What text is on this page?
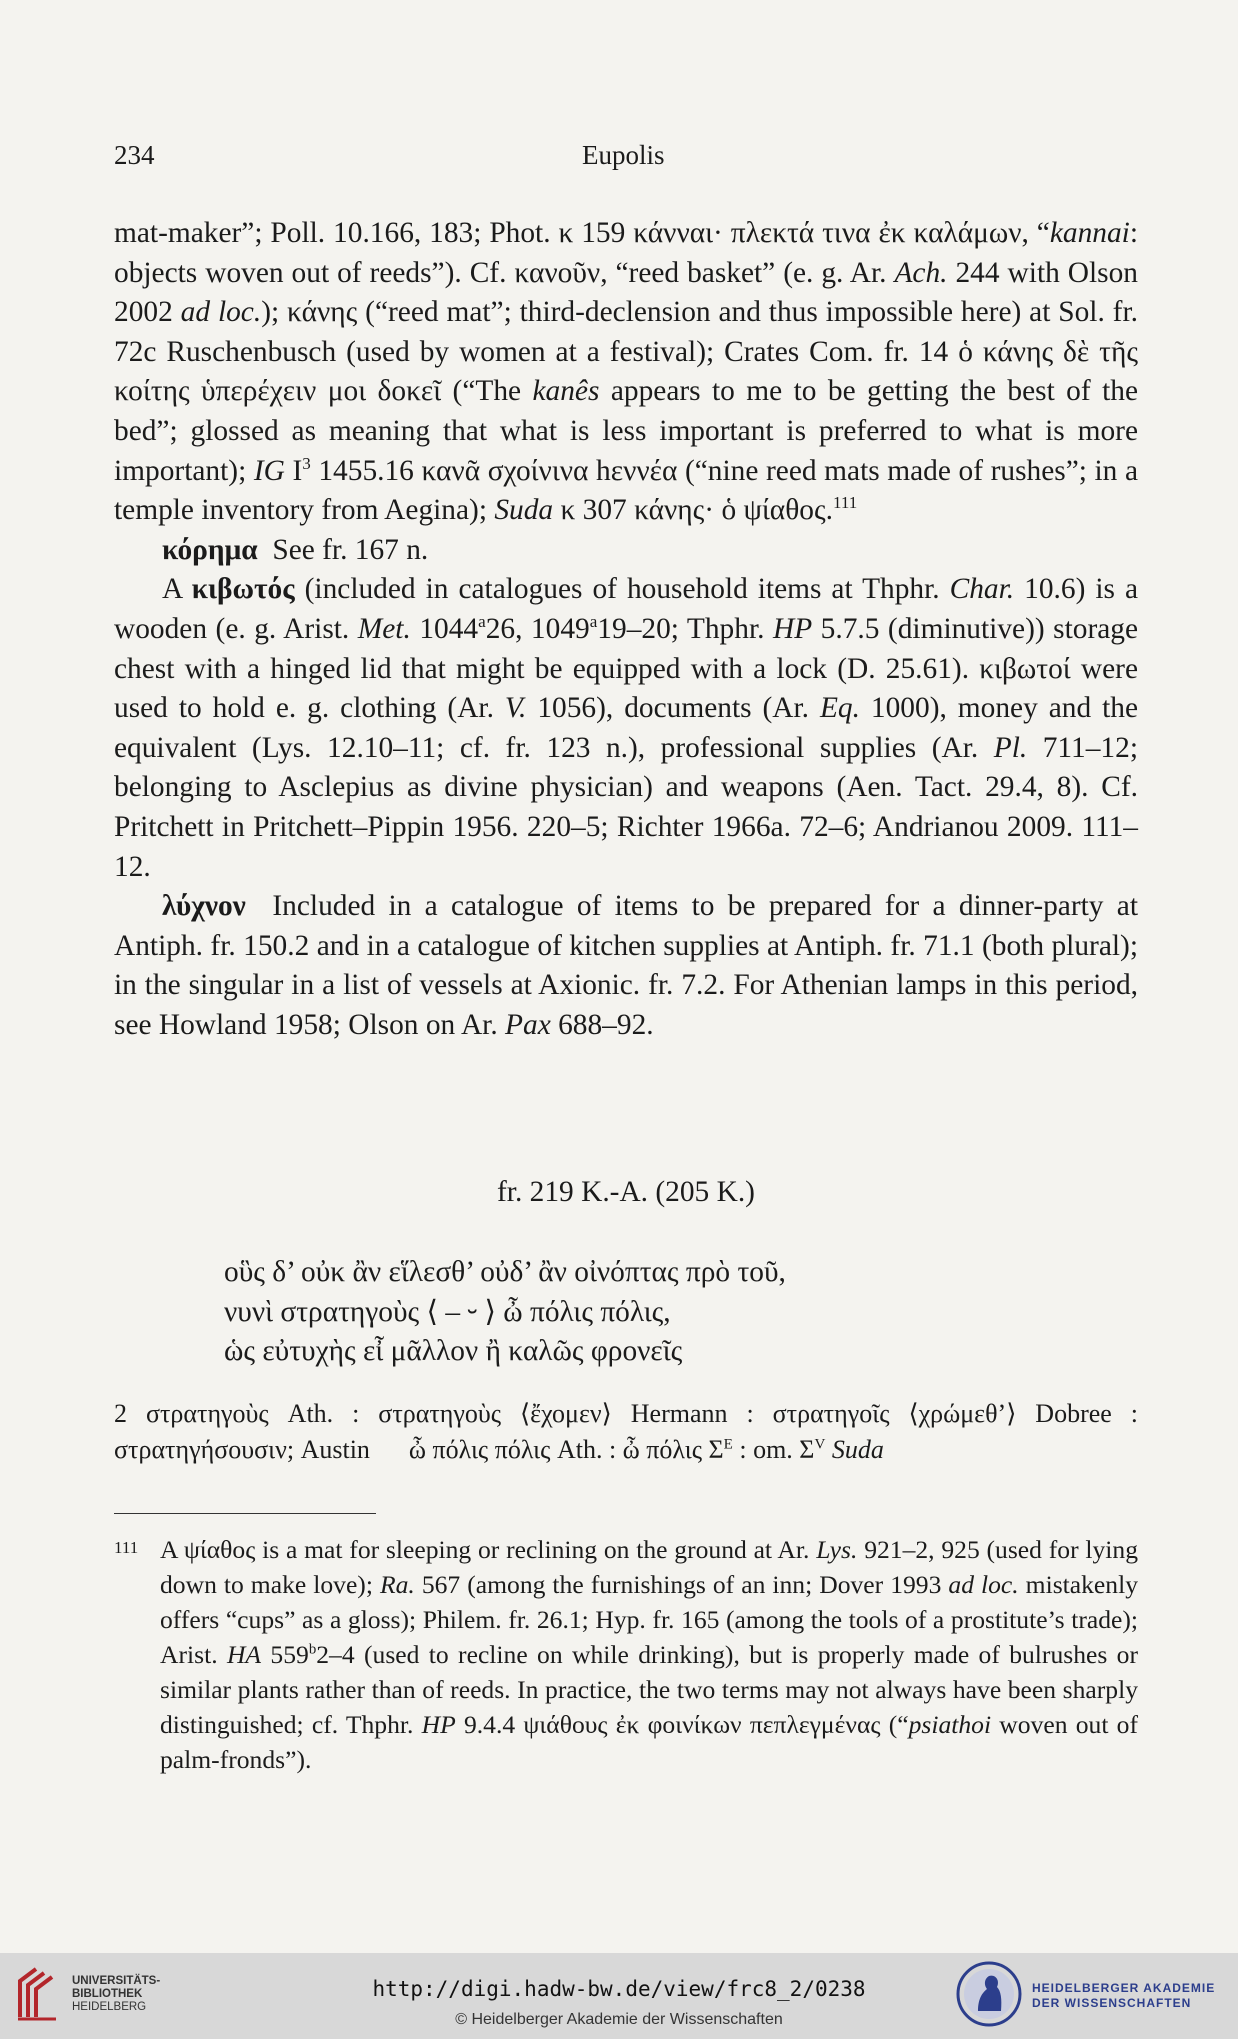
234	Eupolis

mat-maker”; Poll. 10.166, 183; Phot. κ 159 κάνναι· πλεκτά τινα ἐκ καλάμων, “kannai: objects woven out of reeds”). Cf. κανοῦν, “reed basket” (e. g. Ar. Ach. 244 with Olson 2002 ad loc.); κάνης (“reed mat”; third-declension and thus impossible here) at Sol. fr. 72c Ruschenbusch (used by women at a festival); Crates Com. fr. 14 ὁ κάνης δὲ τῆς κοίτης ὑπερέχειν μοι δοκεῖ (“The kanês appears to me to be getting the best of the bed”; glossed as meaning that what is less important is preferred to what is more important); IG $I^3$ 1455.16 κανᾶ σχοίνινα hεννέα (“nine reed mats made of rushes”; in a temple inventory from Aegina); Suda κ 307 κάνης· ὁ ψίαθος.$^{111}$

κόρημα  See fr. 167 n.

A κιβωτός (included in catalogues of household items at Thphr. Char. 10.6) is a wooden (e. g. Arist. Met. 1044$^a$26, 1049$^a$19–20; Thphr. HP 5.7.5 (diminutive)) storage chest with a hinged lid that might be equipped with a lock (D. 25.61). κιβωτοί were used to hold e. g. clothing (Ar. V. 1056), documents (Ar. Eq. 1000), money and the equivalent (Lys. 12.10–11; cf. fr. 123 n.), professional supplies (Ar. Pl. 711–12; belonging to Asclepius as divine physician) and weapons (Aen. Tact. 29.4, 8). Cf. Pritchett in Pritchett–Pippin 1956. 220–5; Richter 1966a. 72–6; Andrianou 2009. 111–12.

λύχνον  Included in a catalogue of items to be prepared for a dinner-party at Antiph. fr. 150.2 and in a catalogue of kitchen supplies at Antiph. fr. 71.1 (both plural); in the singular in a list of vessels at Axionic. fr. 7.2. For Athenian lamps in this period, see Howland 1958; Olson on Ar. Pax 688–92.

fr. 219 K.-A. (205 K.)
οὓς δ’ οὐκ ἂν εἵλεσθ’ οὐδ’ ἂν οἰνόπτας πρὸ τοῦ,
νυνὶ στρατηγοὺς ⟨ – ⏑ ⟩ ὦ πόλις πόλις,
ὡς εὐτυχὴς εἶ μᾶλλον ἢ καλῶς φρονεῖς
2 στρατηγοὺς Ath. : στρατηγοὺς ⟨ἔχομεν⟩ Hermann : στρατηγοῖς ⟨χρώμεθ’⟩ Dobree : στρατηγήσουσιν; Austin      ὦ πόλις πόλις Ath. : ὦ πόλις $\Sigma^E$ : om. $\Sigma^V$ Suda
111 A ψίαθος is a mat for sleeping or reclining on the ground at Ar. Lys. 921–2, 925 (used for lying down to make love); Ra. 567 (among the furnishings of an inn; Dover 1993 ad loc. mistakenly offers “cups” as a gloss); Philem. fr. 26.1; Hyp. fr. 165 (among the tools of a prostitute’s trade); Arist. HA 559$^b$2–4 (used to recline on while drinking), but is properly made of bulrushes or similar plants rather than of reeds. In practice, the two terms may not always have been sharply distinguished; cf. Thphr. HP 9.4.4 ψιάθους ἐκ φοινίκων πεπλεγμένας (“psiathoi woven out of palm-fronds”).
UNIVERSITÄTS-
BIBLIOTHEK
HEIDELBERG
http://digi.hadw-bw.de/view/frc8_2/0238
© Heidelberger Akademie der Wissenschaften
HEIDELBERGER AKADEMIE
DER WISSENSCHAFTEN
